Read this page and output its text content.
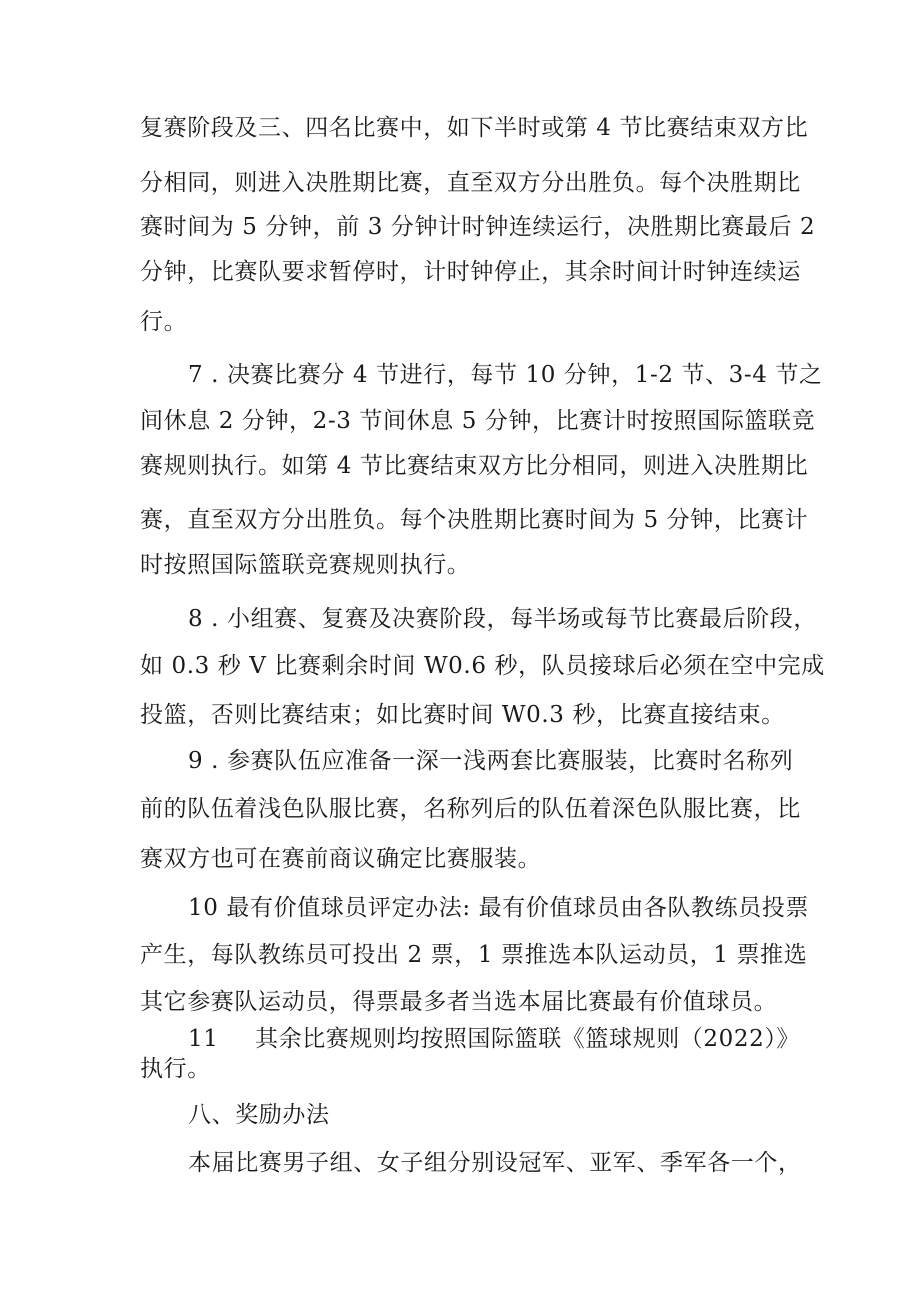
复赛阶段及三、四名比赛中，如下半时或第 4 节比赛结束双方比
分相同，则进入决胜期比赛，直至双方分出胜负。每个决胜期比
赛时间为 5 分钟，前 3 分钟计时钟连续运行，决胜期比赛最后 2
分钟，比赛队要求暂停时，计时钟停止，其余时间计时钟连续运
行。
7 . 决赛比赛分 4 节进行，每节 10 分钟，1-2 节、3-4 节之
间休息 2 分钟，2-3 节间休息 5 分钟，比赛计时按照国际篮联竞
赛规则执行。如第 4 节比赛结束双方比分相同，则进入决胜期比
赛，直至双方分出胜负。每个决胜期比赛时间为 5 分钟，比赛计
时按照国际篮联竞赛规则执行。
8 . 小组赛、复赛及决赛阶段，每半场或每节比赛最后阶段，
如 0.3 秒 V 比赛剩余时间 W0.6 秒，队员接球后必须在空中完成
投篮，否则比赛结束；如比赛时间 W0.3 秒，比赛直接结束。
9 . 参赛队伍应准备一深一浅两套比赛服装，比赛时名称列
前的队伍着浅色队服比赛，名称列后的队伍着深色队服比赛，比
赛双方也可在赛前商议确定比赛服装。
10 最有价值球员评定办法: 最有价值球员由各队教练员投票
产生，每队教练员可投出 2 票，1 票推选本队运动员，1 票推选
其它参赛队运动员，得票最多者当选本届比赛最有价值球员。
11 其余比赛规则均按照国际篮联《篮球规则（2022）》
执行。
八、奖励办法
本届比赛男子组、女子组分别设冠军、亚军、季军各一个，
